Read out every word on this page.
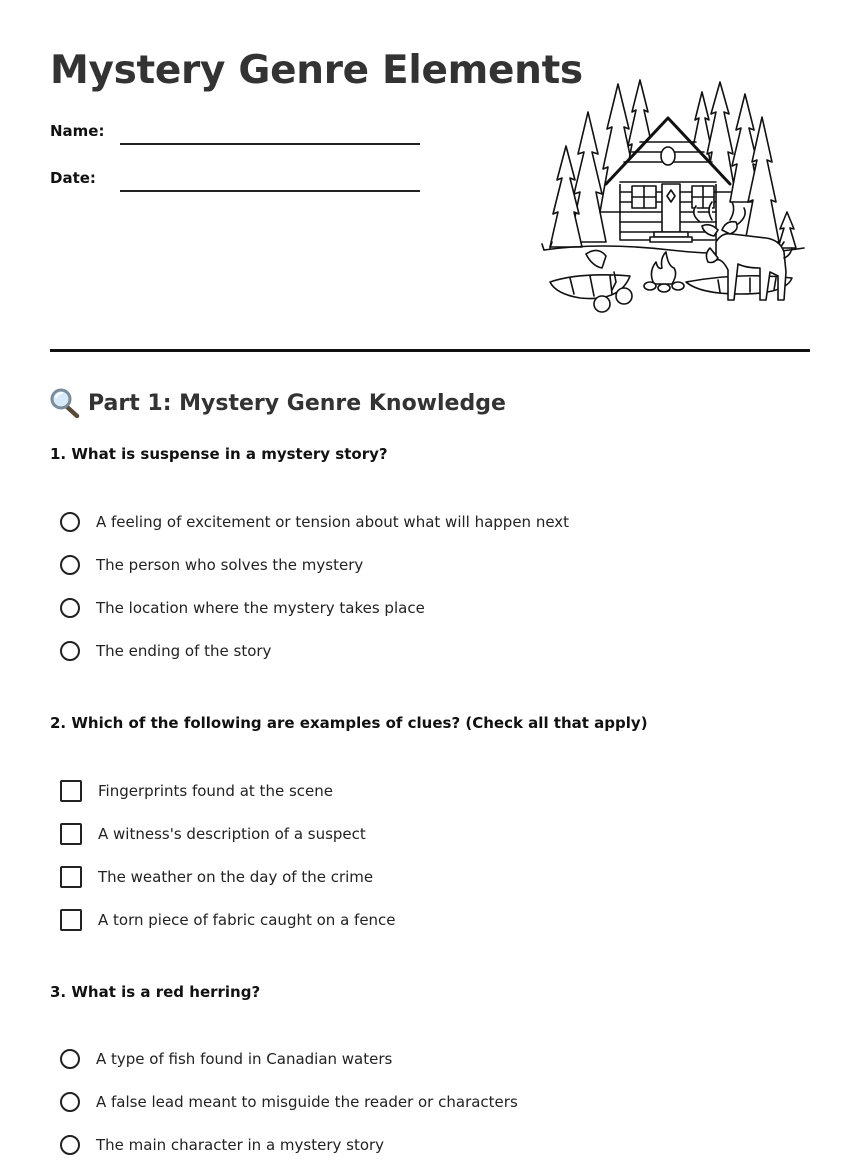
Mystery Genre Elements
Name:
Date:
Part 1: Mystery Genre Knowledge
1. What is suspense in a mystery story?
A feeling of excitement or tension about what will happen next
The person who solves the mystery
The location where the mystery takes place
The ending of the story
2. Which of the following are examples of clues? (Check all that apply)
Fingerprints found at the scene
A witness's description of a suspect
The weather on the day of the crime
A torn piece of fabric caught on a fence
3. What is a red herring?
A type of fish found in Canadian waters
A false lead meant to misguide the reader or characters
The main character in a mystery story
